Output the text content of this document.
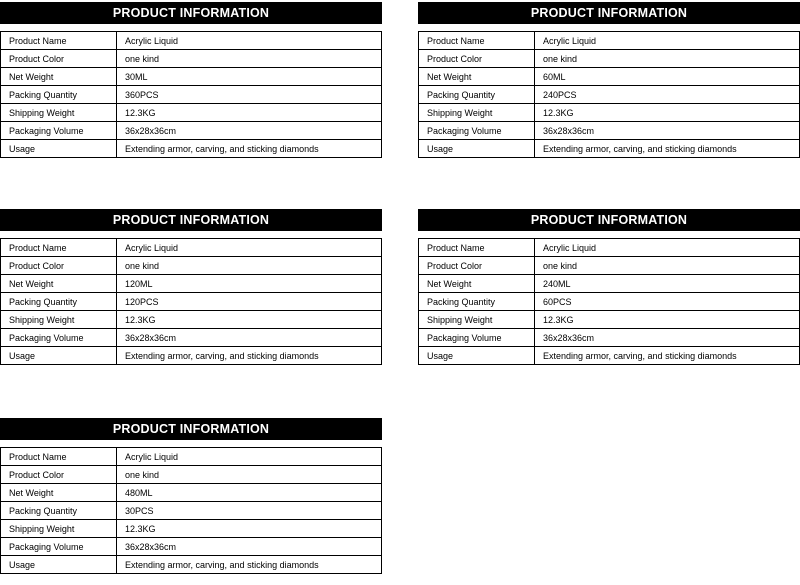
PRODUCT INFORMATION
Product Name	Acrylic Liquid
Product Color	one kind
Net Weight	30ML
Packing Quantity	360PCS
Shipping Weight	12.3KG
Packaging Volume	36x28x36cm
Usage	Extending armor, carving, and sticking diamonds
PRODUCT INFORMATION
Product Name	Acrylic Liquid
Product Color	one kind
Net Weight	60ML
Packing Quantity	240PCS
Shipping Weight	12.3KG
Packaging Volume	36x28x36cm
Usage	Extending armor, carving, and sticking diamonds
PRODUCT INFORMATION
Product Name	Acrylic Liquid
Product Color	one kind
Net Weight	120ML
Packing Quantity	120PCS
Shipping Weight	12.3KG
Packaging Volume	36x28x36cm
Usage	Extending armor, carving, and sticking diamonds
PRODUCT INFORMATION
Product Name	Acrylic Liquid
Product Color	one kind
Net Weight	240ML
Packing Quantity	60PCS
Shipping Weight	12.3KG
Packaging Volume	36x28x36cm
Usage	Extending armor, carving, and sticking diamonds
PRODUCT INFORMATION
Product Name	Acrylic Liquid
Product Color	one kind
Net Weight	480ML
Packing Quantity	30PCS
Shipping Weight	12.3KG
Packaging Volume	36x28x36cm
Usage	Extending armor, carving, and sticking diamonds
